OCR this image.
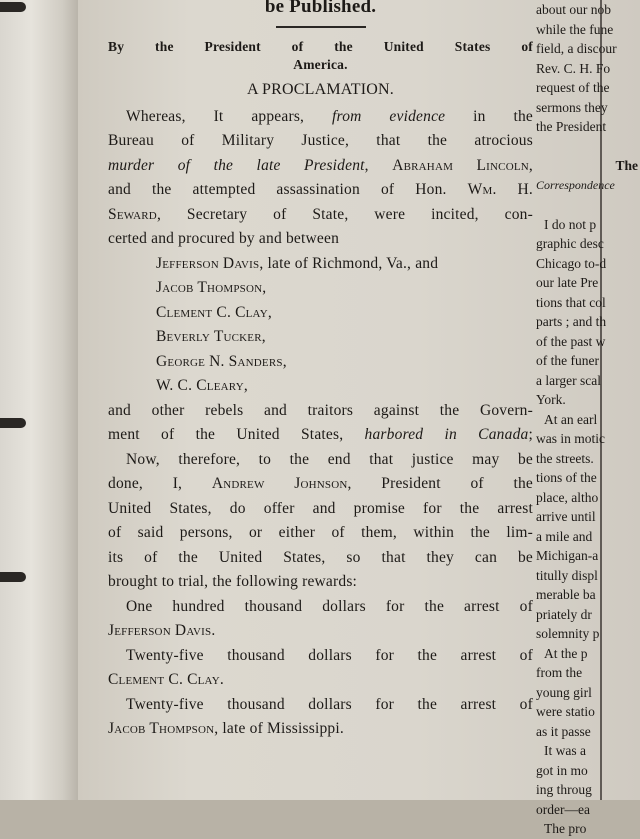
be Published.
By the President of the United States of
America.
A PROCLAMATION.
Whereas, It appears, from evidence in the
Bureau of Military Justice, that the atrocious
murder of the late President, Abraham Lincoln,
and the attempted assassination of Hon. Wm. H.
Seward, Secretary of State, were incited, con-
certed and procured by and between
Jefferson Davis, late of Richmond, Va., and
Jacob Thompson,
Clement C. Clay,
Beverly Tucker,
George N. Sanders,
W. C. Cleary,
and other rebels and traitors against the Govern-
ment of the United States, harbored in Canada;
Now, therefore, to the end that justice may be
done, I, Andrew Johnson, President of the
United States, do offer and promise for the arrest
of said persons, or either of them, within the lim-
its of the United States, so that they can be
brought to trial, the following rewards:
One hundred thousand dollars for the arrest of
Jefferson Davis.
Twenty-five thousand dollars for the arrest of
Clement C. Clay.
Twenty-five thousand dollars for the arrest of
Jacob Thompson, late of Mississippi.
about our nob
while the fune
field, a discour
Rev. C. H. Fo
request of the
sermons they
the President

The
Correspondence

I do not p
graphic desc
Chicago to-d
our late Pre
tions that col
parts ; and th
of the past w
of the funer
a larger scal
York.
At an earl
was in motic
the streets.
tions of the
place, altho
arrive until
a mile and
Michigan-a
titully displ
merable ba
priately dr
solemnity p
At the p
from the
young girl
were statio
as it passe
It was a
got in mo
ing throug
order—ea
The pro
